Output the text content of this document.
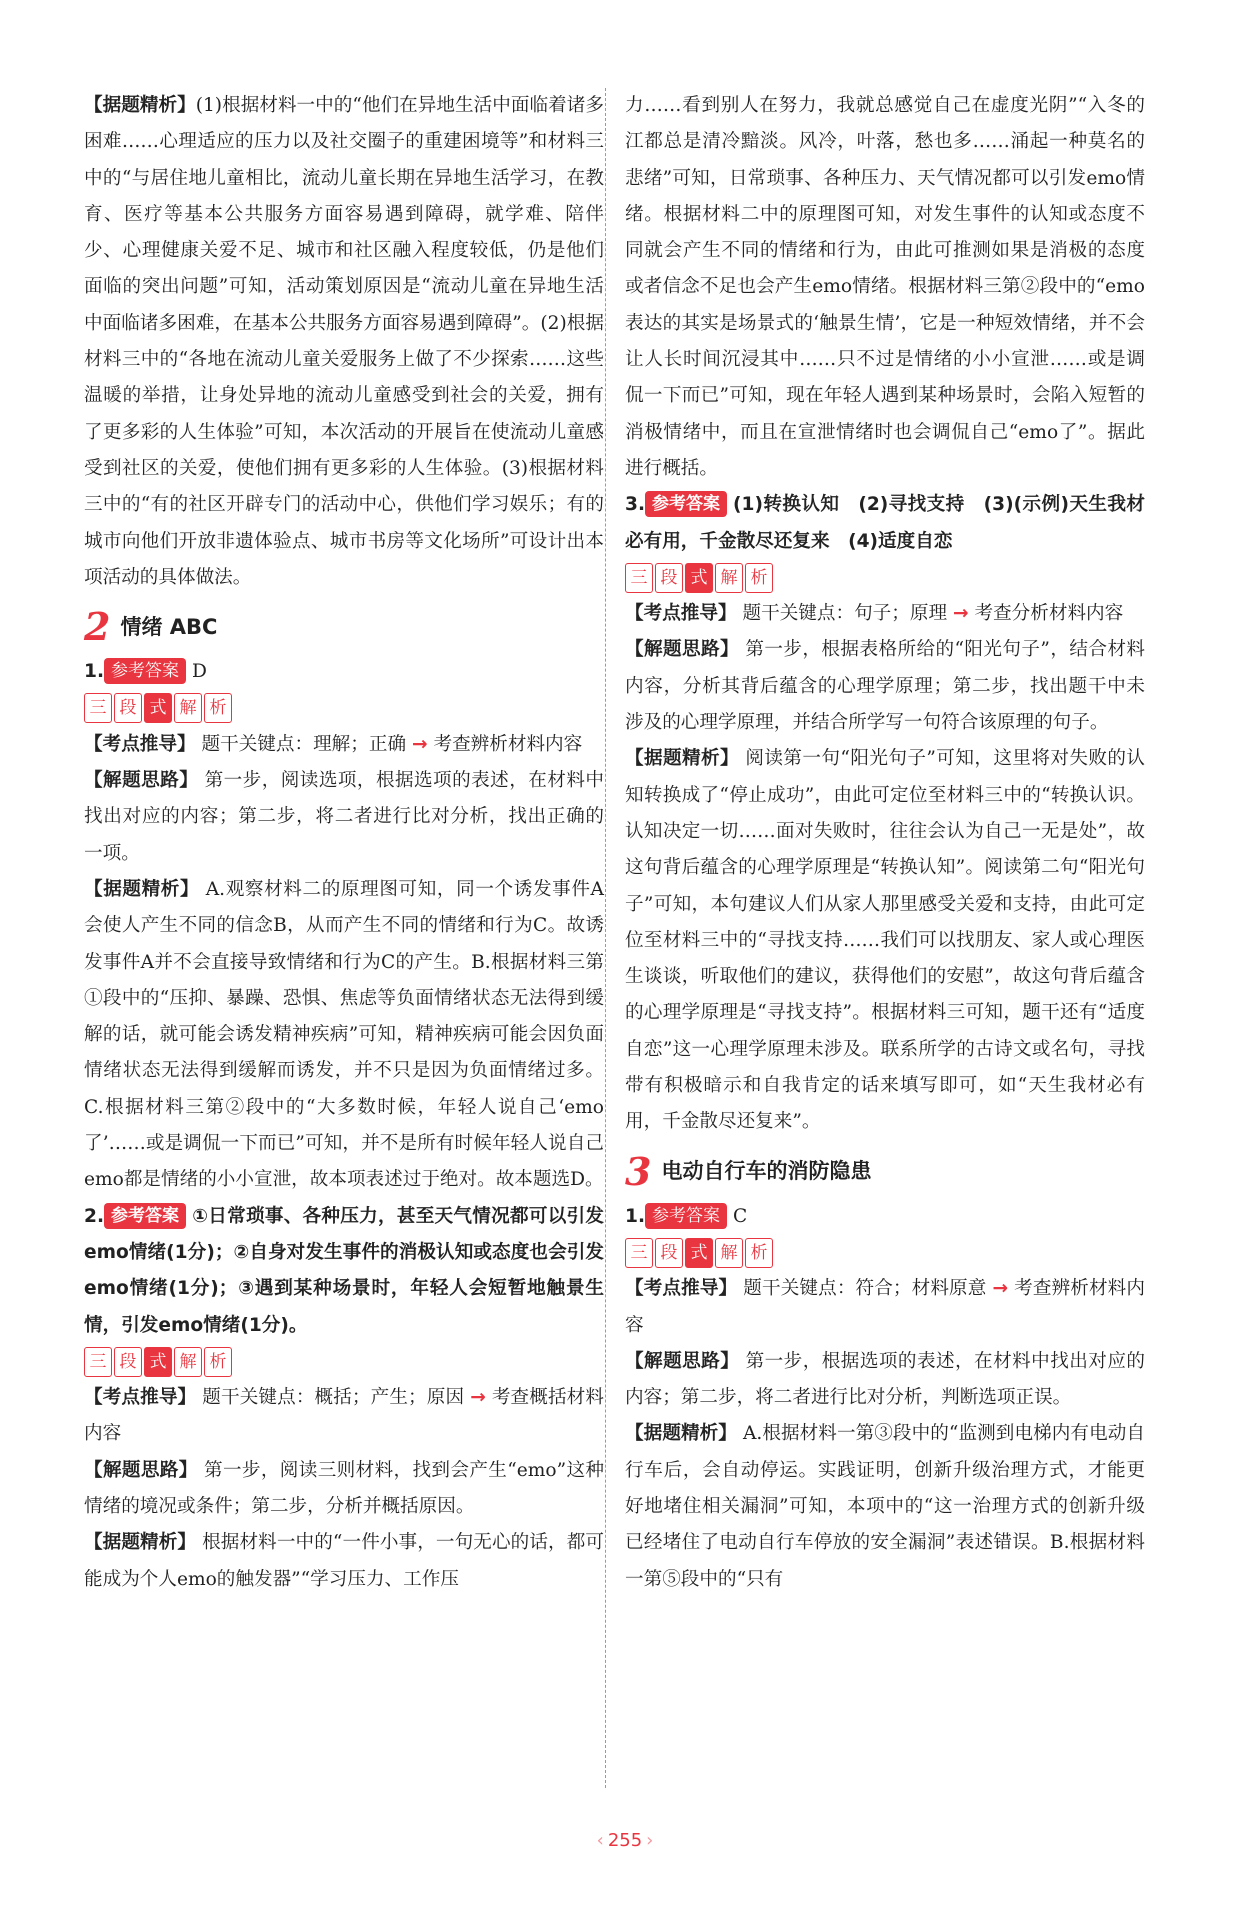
【据题精析】(1)根据材料一中的“他们在异地生活中面临着诸多困难……心理适应的压力以及社交圈子的重建困境等”和材料三中的“与居住地儿童相比，流动儿童长期在异地生活学习，在教育、医疗等基本公共服务方面容易遇到障碍，就学难、陪伴少、心理健康关爱不足、城市和社区融入程度较低，仍是他们面临的突出问题”可知，活动策划原因是“流动儿童在异地生活中面临诸多困难，在基本公共服务方面容易遇到障碍”。(2)根据材料三中的“各地在流动儿童关爱服务上做了不少探索……这些温暖的举措，让身处异地的流动儿童感受到社会的关爱，拥有了更多彩的人生体验”可知，本次活动的开展旨在使流动儿童感受到社区的关爱，使他们拥有更多彩的人生体验。(3)根据材料三中的“有的社区开辟专门的活动中心，供他们学习娱乐；有的城市向他们开放非遗体验点、城市书房等文化场所”可设计出本项活动的具体做法。

2 情绪 ABC

1. 参考答案 D

三 段 式 解 析

【考点推导】 题干关键点：理解；正确 → 考查辨析材料内容

【解题思路】 第一步，阅读选项，根据选项的表述，在材料中找出对应的内容；第二步，将二者进行比对分析，找出正确的一项。

【据题精析】 A.观察材料二的原理图可知，同一个诱发事件A会使人产生不同的信念B，从而产生不同的情绪和行为C。故诱发事件A并不会直接导致情绪和行为C的产生。B.根据材料三第①段中的“压抑、暴躁、恐惧、焦虑等负面情绪状态无法得到缓解的话，就可能会诱发精神疾病”可知，精神疾病可能会因负面情绪状态无法得到缓解而诱发，并不只是因为负面情绪过多。C.根据材料三第②段中的“大多数时候，年轻人说自己‘emo了’……或是调侃一下而已”可知，并不是所有时候年轻人说自己emo都是情绪的小小宣泄，故本项表述过于绝对。故本题选D。

2. 参考答案 ①日常琐事、各种压力，甚至天气情况都可以引发emo情绪(1分)；②自身对发生事件的消极认知或态度也会引发emo情绪(1分)；③遇到某种场景时，年轻人会短暂地触景生情，引发emo情绪(1分)。

三 段 式 解 析

【考点推导】 题干关键点：概括；产生；原因 → 考查概括材料内容

【解题思路】 第一步，阅读三则材料，找到会产生“emo”这种情绪的境况或条件；第二步，分析并概括原因。

【据题精析】 根据材料一中的“一件小事，一句无心的话，都可能成为个人emo的触发器”“学习压力、工作压

力……看到别人在努力，我就总感觉自己在虚度光阴”“入冬的江都总是清冷黯淡。风冷，叶落，愁也多……涌起一种莫名的悲绪”可知，日常琐事、各种压力、天气情况都可以引发emo情绪。根据材料二中的原理图可知，对发生事件的认知或态度不同就会产生不同的情绪和行为，由此可推测如果是消极的态度或者信念不足也会产生emo情绪。根据材料三第②段中的“emo表达的其实是场景式的‘触景生情’，它是一种短效情绪，并不会让人长时间沉浸其中……只不过是情绪的小小宣泄……或是调侃一下而已”可知，现在年轻人遇到某种场景时，会陷入短暂的消极情绪中，而且在宣泄情绪时也会调侃自己“emo了”。据此进行概括。

3. 参考答案 (1)转换认知　(2)寻找支持　(3)(示例)天生我材必有用，千金散尽还复来　(4)适度自恋

三 段 式 解 析

【考点推导】 题干关键点：句子；原理 → 考查分析材料内容

【解题思路】 第一步，根据表格所给的“阳光句子”，结合材料内容，分析其背后蕴含的心理学原理；第二步，找出题干中未涉及的心理学原理，并结合所学写一句符合该原理的句子。

【据题精析】 阅读第一句“阳光句子”可知，这里将对失败的认知转换成了“停止成功”，由此可定位至材料三中的“转换认识。认知决定一切……面对失败时，往往会认为自己一无是处”，故这句背后蕴含的心理学原理是“转换认知”。阅读第二句“阳光句子”可知，本句建议人们从家人那里感受关爱和支持，由此可定位至材料三中的“寻找支持……我们可以找朋友、家人或心理医生谈谈，听取他们的建议，获得他们的安慰”，故这句背后蕴含的心理学原理是“寻找支持”。根据材料三可知，题干还有“适度自恋”这一心理学原理未涉及。联系所学的古诗文或名句，寻找带有积极暗示和自我肯定的话来填写即可，如“天生我材必有用，千金散尽还复来”。

3 电动自行车的消防隐患

1. 参考答案 C

三 段 式 解 析

【考点推导】 题干关键点：符合；材料原意 → 考查辨析材料内容

【解题思路】 第一步，根据选项的表述，在材料中找出对应的内容；第二步，将二者进行比对分析，判断选项正误。

【据题精析】 A.根据材料一第③段中的“监测到电梯内有电动自行车后，会自动停运。实践证明，创新升级治理方式，才能更好地堵住相关漏洞”可知，本项中的“这一治理方式的创新升级已经堵住了电动自行车停放的安全漏洞”表述错误。B.根据材料一第⑤段中的“只有

‹ 255 ›
